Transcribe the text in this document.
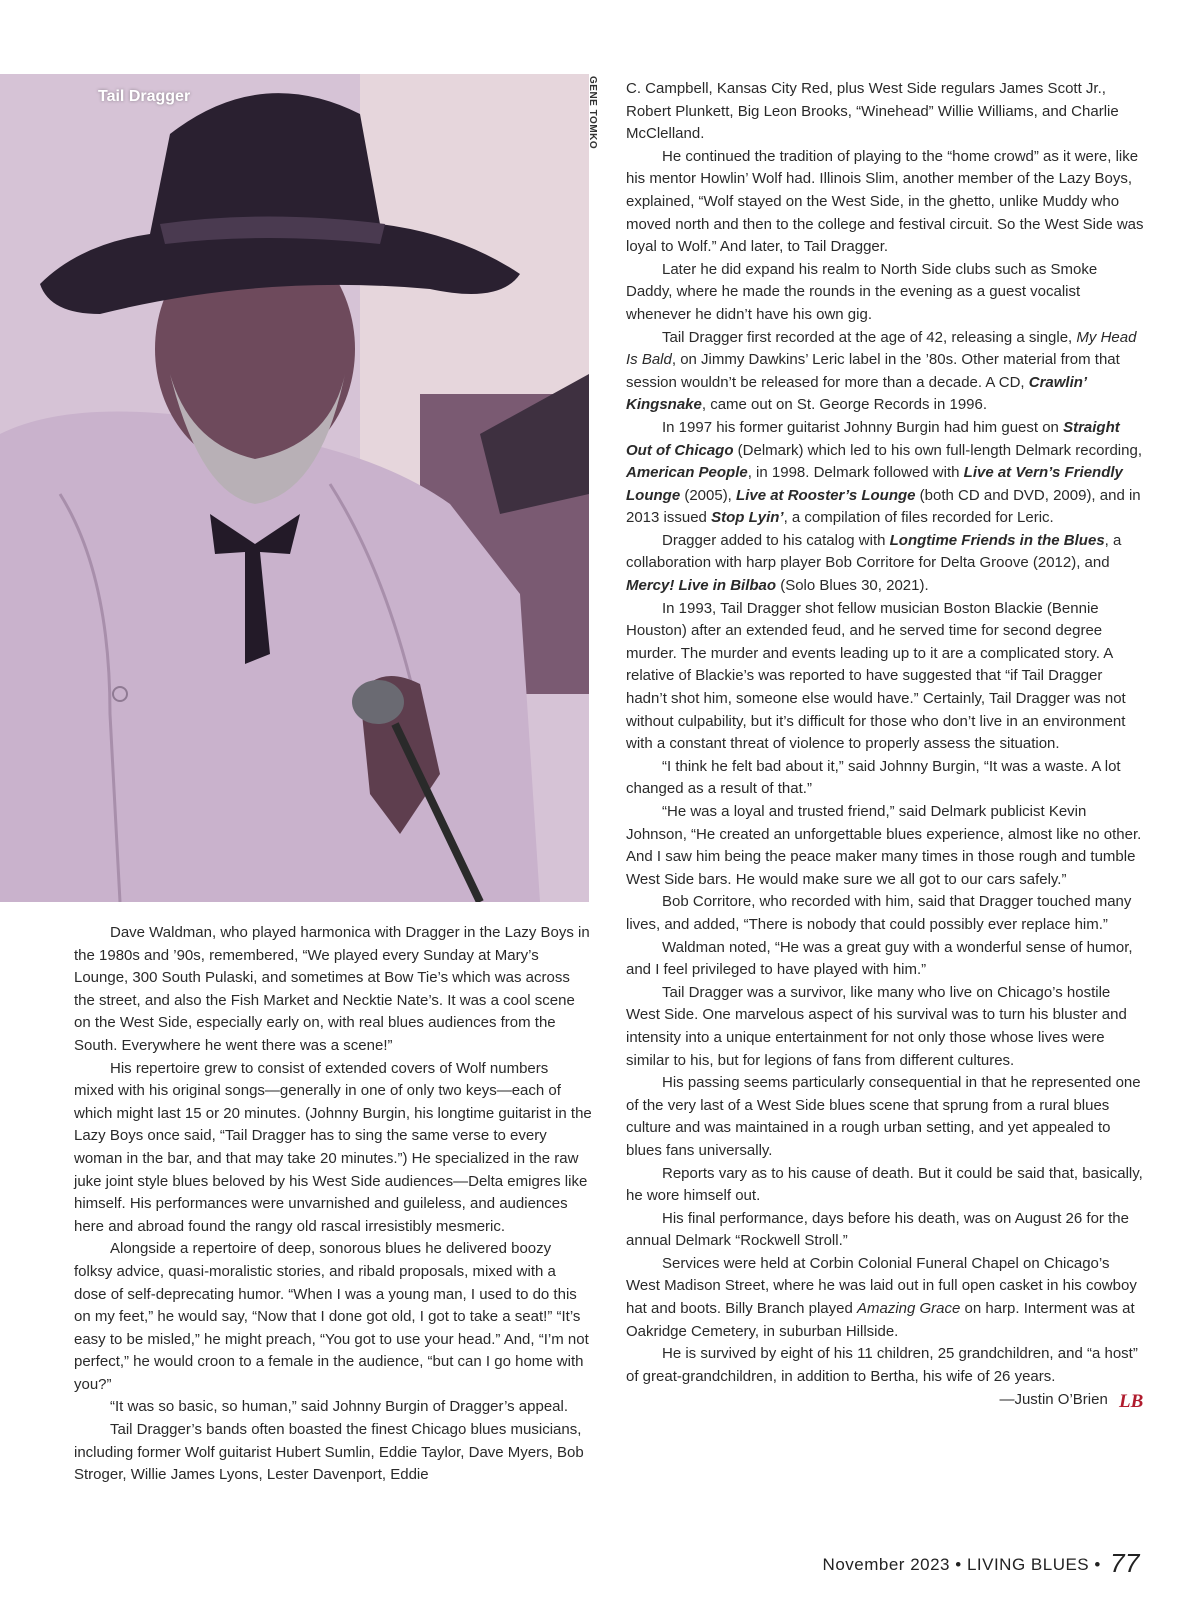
Tail Dragger	GENE TOMKO

Dave Waldman, who played harmonica with Dragger in the Lazy Boys in the 1980s and ’90s, remembered, “We played every Sunday at Mary’s Lounge, 300 South Pulaski, and sometimes at Bow Tie’s which was across the street, and also the Fish Market and Necktie Nate’s. It was a cool scene on the West Side, especially early on, with real blues audiences from the South. Everywhere he went there was a scene!”

His repertoire grew to consist of extended covers of Wolf numbers mixed with his original songs—generally in one of only two keys—each of which might last 15 or 20 minutes. (Johnny Burgin, his longtime guitarist in the Lazy Boys once said, “Tail Dragger has to sing the same verse to every woman in the bar, and that may take 20 minutes.”) He specialized in the raw juke joint style blues beloved by his West Side audiences—Delta emigres like himself. His performances were unvarnished and guileless, and audiences here and abroad found the rangy old rascal irresistibly mesmeric.

Alongside a repertoire of deep, sonorous blues he delivered boozy folksy advice, quasi-moralistic stories, and ribald proposals, mixed with a dose of self-deprecating humor. “When I was a young man, I used to do this on my feet,” he would say, “Now that I done got old, I got to take a seat!” “It’s easy to be misled,” he might preach, “You got to use your head.” And, “I’m not perfect,” he would croon to a female in the audience, “but can I go home with you?”

“It was so basic, so human,” said Johnny Burgin of Dragger’s appeal.

Tail Dragger’s bands often boasted the finest Chicago blues musicians, including former Wolf guitarist Hubert Sumlin, Eddie Taylor, Dave Myers, Bob Stroger, Willie James Lyons, Lester Davenport, Eddie

C. Campbell, Kansas City Red, plus West Side regulars James Scott Jr., Robert Plunkett, Big Leon Brooks, “Winehead” Willie Williams, and Charlie McClelland.

He continued the tradition of playing to the “home crowd” as it were, like his mentor Howlin’ Wolf had. Illinois Slim, another member of the Lazy Boys, explained, “Wolf stayed on the West Side, in the ghetto, unlike Muddy who moved north and then to the college and festival circuit. So the West Side was loyal to Wolf.” And later, to Tail Dragger.

Later he did expand his realm to North Side clubs such as Smoke Daddy, where he made the rounds in the evening as a guest vocalist whenever he didn’t have his own gig.

Tail Dragger first recorded at the age of 42, releasing a single, My Head Is Bald, on Jimmy Dawkins’ Leric label in the ’80s. Other material from that session wouldn’t be released for more than a decade. A CD, Crawlin’ Kingsnake, came out on St. George Records in 1996.

In 1997 his former guitarist Johnny Burgin had him guest on Straight Out of Chicago (Delmark) which led to his own full-length Delmark recording, American People, in 1998. Delmark followed with Live at Vern’s Friendly Lounge (2005), Live at Rooster’s Lounge (both CD and DVD, 2009), and in 2013 issued Stop Lyin’, a compilation of files recorded for Leric.

Dragger added to his catalog with Longtime Friends in the Blues, a collaboration with harp player Bob Corritore for Delta Groove (2012), and Mercy! Live in Bilbao (Solo Blues 30, 2021).

In 1993, Tail Dragger shot fellow musician Boston Blackie (Bennie Houston) after an extended feud, and he served time for second degree murder. The murder and events leading up to it are a complicated story. A relative of Blackie’s was reported to have suggested that “if Tail Dragger hadn’t shot him, someone else would have.” Certainly, Tail Dragger was not without culpability, but it’s difficult for those who don’t live in an environment with a constant threat of violence to properly assess the situation.

“I think he felt bad about it,” said Johnny Burgin, “It was a waste. A lot changed as a result of that.”

“He was a loyal and trusted friend,” said Delmark publicist Kevin Johnson, “He created an unforgettable blues experience, almost like no other. And I saw him being the peace maker many times in those rough and tumble West Side bars. He would make sure we all got to our cars safely.”

Bob Corritore, who recorded with him, said that Dragger touched many lives, and added, “There is nobody that could possibly ever replace him.”

Waldman noted, “He was a great guy with a wonderful sense of humor, and I feel privileged to have played with him.”

Tail Dragger was a survivor, like many who live on Chicago’s hostile West Side. One marvelous aspect of his survival was to turn his bluster and intensity into a unique entertainment for not only those whose lives were similar to his, but for legions of fans from different cultures.

His passing seems particularly consequential in that he represented one of the very last of a West Side blues scene that sprung from a rural blues culture and was maintained in a rough urban setting, and yet appealed to blues fans universally.

Reports vary as to his cause of death. But it could be said that, basically, he wore himself out.

His final performance, days before his death, was on August 26 for the annual Delmark “Rockwell Stroll.”

Services were held at Corbin Colonial Funeral Chapel on Chicago’s West Madison Street, where he was laid out in full open casket in his cowboy hat and boots. Billy Branch played Amazing Grace on harp. Interment was at Oakridge Cemetery, in suburban Hillside.

He is survived by eight of his 11 children, 25 grandchildren, and “a host” of great-grandchildren, in addition to Bertha, his wife of 26 years.

—Justin O’Brien LB
November 2023 • LIVING BLUES • 77
